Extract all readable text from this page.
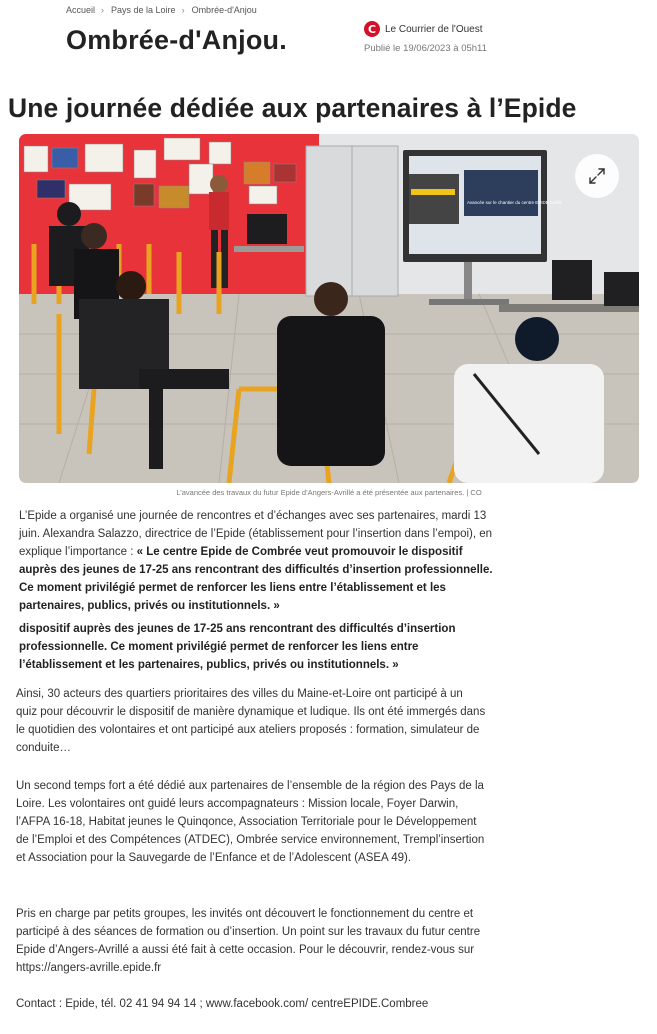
Accueil › Pays de la Loire › Ombrée-d'Anjou
Ombrée-d'Anjou.	C Le Courrier de l'Ouest
Publié le 19/06/2023 à 05h11
Une journée dédiée aux partenaires à l’Epide
Avancée sur le chantier du centre EPIDE Avrillé
L’avancée des travaux du futur Epide d’Angers-Avrillé a été présentée aux partenaires. | CO

L’Epide a organisé une journée de rencontres et d’échanges avec ses partenaires, mardi 13 juin. Alexandra Salazzo, directrice de l’Epide (établissement pour l’insertion dans l’empoi), en explique l’importance : « Le centre Epide de Combrée veut promouvoir le dispositif auprès des jeunes de 17-25 ans rencontrant des difficultés d’insertion professionnelle. Ce moment privilégié permet de renforcer les liens entre l’établissement et les partenaires, publics, privés ou institutionnels. »

dispositif auprès des jeunes de 17-25 ans rencontrant des difficultés d’insertion professionnelle. Ce moment privilégié permet de renforcer les liens entre l’établissement et les partenaires, publics, privés ou institutionnels. »

Ainsi, 30 acteurs des quartiers prioritaires des villes du Maine-et-Loire ont participé à un quiz pour découvrir le dispositif de manière dynamique et ludique. Ils ont été immergés dans le quotidien des volontaires et ont participé aux ateliers proposés : formation, simulateur de conduite…

Un second temps fort a été dédié aux partenaires de l’ensemble de la région des Pays de la Loire. Les volontaires ont guidé leurs accompagnateurs : Mission locale, Foyer Darwin, l’AFPA 16-18, Habitat jeunes le Quinqonce, Association Territoriale pour le Développement de l’Emploi et des Compétences (ATDEC), Ombrée service environnement, Trempl’insertion et Association pour la Sauvegarde de l’Enfance et de l’Adolescent (ASEA 49).

Pris en charge par petits groupes, les invités ont découvert le fonctionnement du centre et participé à des séances de formation ou d’insertion. Un point sur les travaux du futur centre Epide d’Angers-Avrillé a aussi été fait à cette occasion. Pour le découvrir, rendez-vous sur https://angers-avrille.epide.fr

Contact : Epide, tél. 02 41 94 94 14 ; www.facebook.com/ centreEPIDE.Combree
